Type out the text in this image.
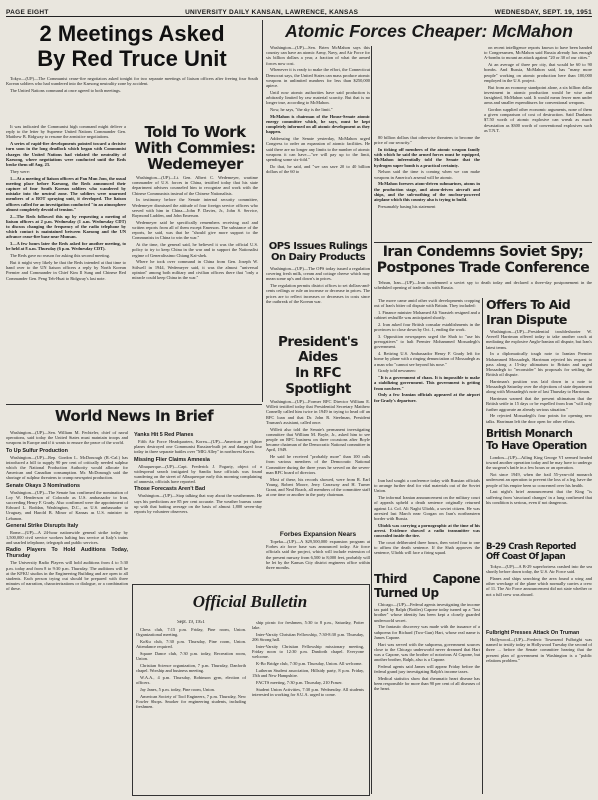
PAGE EIGHT	UNIVERSITY DAILY KANSAN, LAWRENCE, KANSAS	WEDNESDAY, SEPT. 19, 1951
2 Meetings Asked
By Red Truce Unit

Tokyo—(UP)—The Communist cease-fire negotiators asked tonight for two separate meetings of liaison officers after freeing four South Korean soldiers who had wandered into the Kaesong neutrality zone by accident.

The United Nations command at once agreed to both meetings.

It was indicated the Communist high command might deliver a reply to the letter by Supreme United Nations Commander Gen. Matthew B. Ridgway to resume the armistice negotiations.

A series of rapid-fire developments pointed toward a decisive turn soon in the long deadlock which began with Communist charges the United Nations had violated the neutrality of Kaesong, where negotiations were conducted until the Reds broke them off Aug. 23.

They were:

1—At a meeting of liaison officers at Pan Mun Jom, the usual meeting place before Kaesong, the Reds announced their capture of four South Korean soldiers who wandered by mistake into the neutral zone. The soldiers were unarmed members of a ROT spraying unit, it developed. The liaison officers called for an investigation conducted "in an atmosphere almost completely devoid of tension."

2—The Reds followed this up by requesting a meeting of liaison officers at 2 p.m. Wednesday (1 a.m. Wednesday CDT) to discuss changing the frequency of the radio telephone by which contact is maintained between Kaesong and the UN advance cease-fire base near Munsan.

3—A few hours later the Reds asked for another meeting, to be held at 8 a.m. Thursday (6 p.m. Wednesday CDT).

The Reds gave no reason for asking this second meeting.

But it might very likely be that the Reds intended at that time to hand over to the UN liaison officers a reply by North Korean Premier and Commander in Chief Kim Il Sung and Chinese Red Commander Gen. Peng Teh-Huai to Ridgway's last note.

Told To Work
With Commies:
Wedemeyer

Washington—(UP)—Lt. Gen. Albert C. Wedemeyer, wartime commander of U.S. forces in China, testified today that his state department advisers counseled him to recognize and work with the Chinese Communists instead of the Chinese Nationalists.

In testimony before the Senate internal security committee, Wedemeyer dismissed the attitude of four foreign service officers who served with him in China—John P. Davies, Jr., John S. Service, Raymond Ludden, and John Emerson.

Wedemeyer said he specifically remembers receiving oral and written reports from all of them except Emerson. The substance of the reports, he said, was that he "should give more support to the Communists in China to win the war."

At the time, the general said, he believed it was the official U.S. policy to try to keep China in the war and to support the Nationalist regime of Generalissimo Chiang Kai-shek.

Where he took over command in China from Gen. Joseph W. Stilwell in 1944, Wedemeyer said, it was the almost "universal opinion" among both military and civilian officers there that "only a miracle could keep China in the war."

Atomic Forces Cheaper: McMahon

Washington—(UP)—Sen. Brien McMahon says this country can have an atomic Army, Navy, and Air Force for six billion dollars a year, a fraction of what the armed forces now cost.

Whenever it is ready to make the effort, the Connecticut Democrat says, the United States can mass produce atomic weapons in unlimited numbers for less than $250,000 apiece.

Until now atomic authorities have said production is arbitrarily limited by raw material scarcity. But that is no longer true, according to McMahon.

Now, he says, "the sky is the limit."

McMahon is chairman of the House-Senate atomic energy committee which, he says, must be kept completely informed on all atomic development as they happen.

Addressing the Senate yesterday, McMahon urged Congress to order an expansion of atomic facilities. He said there are no longer any limits to the number of atomic weapons it can have—"we will pay up to the limit, spending some six-fold."

Do that, he said, and "we can save 20 to 40 billion dollars of the 60 to

80 billion dollars that otherwise threatens to become the price of our security."

In ticking off members of the atomic weapon family with which he said the armed forces must be equipped, McMahon inferentially told the Senate that the hydrogen super bomb is a practical certainty.

Nelson said the time is coming when we can make weapons in America's arsenal will be atomic.

McMahon foresees atom-driven submarines, atoms in the production stage, and atom-driven aircraft and ships, and the sub-nothing of the nuclear-powered airplane which this country also is trying to build.

Presumably basing his statement

on recent intelligence reports known to have been handed to Congressmen, McMahon said Russia already has enough A-bombs to mount an attack against "20 or 30 of our cities."

At an average of three per city, that would be 60 to 90 bombs. And Russia, McMahon said, has "many more people" working on atomic production here than 100,000 employed in the U.S. project.

But from an economy standpoint alone, a six billion dollar investment in atomic production would be wise and farsighted, McMahon said. It would mean fewer men under arms and smaller expenditures for conventional weapons.

Gordon supplied other economic arguments, none of them a given comparison of cost of destruction. Said Dunham: $7.50 worth of atomic explosive can wreak as much devastation as $300 worth of conventional explosives such as T.N.T.

OPS Issues Rulings
On Dairy Products

Washington—(UP)—The OPS today issued a regulation covering fresh milk, cream and cottage cheese which may mean some up's and down's in prices.

The regulation permits district offices to set dollars-and-cents ceilings or rule an increase or decrease in prices. The prices are to reflect increases or decreases in costs since the outbreak of the Korean war.

President's Aides
In RFC Spotlight

Washington—(UP)—Former RFC Director William E. Willett testified today that Presidential Secretary Matthew Connelly called him twice in 1949 in trying to head off an RFC loan and that Dr. John R. Steelman, President Truman's assistant, called once.

Willett also told the Senate's permanent investigating committee that William M. Boyle, Jr., asked him to see people on RFC business on three occasions after Boyle became chairman of the Democratic National committee in April, 1949.

He said he received "probably more" than 100 calls from various members of the Democratic National Committee during the three years he served on the seven-man RFC board of directors.

Most of these, his records showed, were from R. Earl Young, Robert Moore, Jerry Carraway and H. Turner Grant, and Neal Roach, all members of the committee staff at one time or another in the party chairman.

Forbes Expansion Nears

Topeka—(UP)—A $29,500,000 expansion program at Forbes air force base was announced today. Air force officials said the project, which will include extension of the present runway from 6,500 to 8,000 feet, probably will be let by the Kansas City district engineers office within three months.

Iran Condemns Soviet Spy;
Postpones Trade Conference

Tehran, Iran—(UP)—Iran condemned a soviet spy to death today and declared a three-day postponement in the scheduled opening of trade talks with Russia.

The move came amid other swift developments cropping out of Iran's bitter oil dispute with Britain. They included:

1. Finance minister Mohamed Ali Varasteh resigned and a cabinet reshuffle was anticipated shortly.

2. Iran asked four British consular establishments in the provinces to close down by Oct. 1, ending the work.

3. Opposition newspapers urged the Shah to "use his prerogatives" to halt Premier Mohammed Mossadegh's government.

4. Retiring U.S. Ambassador Henry F. Grady left for home by plane with a ringing denunciation of Mossadegh as a man who "cannot see beyond his nose."

Grady told newsmen:

"It is a government of chaos. It is impossible to make a stabilizing government. This government is getting from nowhere."

Only a few Iranian officials appeared at the airport for Grady's departure.

Iran had sought a conference today with Russian officials to arrange further deal for vital materials out of the Soviet Union.

The informal Iranian announcement on the military court of appeals upheld a death sentence originally returned against Lt. Col. Ali Naghi Ultobk, a soviet citizen. He was arrested last March near Gorgan on Iran's northeastern border with Russia.

Ultobk was carrying a pornographic at the time of his arrest. Evidence showed a radio transmitter was concealed inside the tire.

The court deliberated three hours, then voted four to one to affirm the death sentence. If the Shah approves the sentence, Ultobk will face a firing squad.

Offers To Aid
Iran Dispute

Washington—(UP)—Presidential troubleshooter W. Averell Harriman offered today to take another crack at mediating the explosive Anglo-Iranian oil dispute, but Iran's latest terms.

In a diplomatically tough note to Iranian Premier Mohammed Mossadegh, Harriman rejected his request to pass along a 15-day ultimatum to Britain and urged Mossadegh to "reconsider" his proposals for settling the British oil dispute.

Harriman's position was laid down in a note to Mossadegh Saturday over the objections of state department along with Mossadegh's note of last Thursday to Harriman.

Harriman warned that the present ultimatum that the British settle in 15 days or be expelled from Iran "will only further aggravate an already serious situation."

He rejected Mossadegh's four points for opening new talks. Harriman left the door open for other efforts.

British Monarch
To Have Operation

London—(UP)—Ailing King George VI seemed headed toward another operation today and he may have to undergo the surgeon's knife in a few hours or an operation.

Not since 1949, when the frail 55-year-old monarch underwent an operation to prevent the loss of a leg, have the people of his empire been so concerned over his health.

Last night's brief announcement that the King "is suffering from 'structural changes' in a lung confirmed that his condition is serious, even if not dangerous.

B-29 Crash Reported
Off Coast Of Japan

Tokyo—(UP)—A B-29 superfortress crashed into the sea shortly before dawn today, the U.S. Air Force said.

Planes and ships searching the area found a wing and other wreckage of the plane which normally carries a crew of 11. The Air Force announcement did not state whether or not a full crew was aboard.

Fulbright Presses Attack On Truman

Hollywood—(UP)—Frederic Townsend Fulbright was named to testify today in Hollywood Tuesday the second of three ... before the Senate committee hearing that the present plan of government in Washington is a "public relations problem."

Third Capone Turned Up

Chicago—(UP)—Federal agents investigating the income tax paid by Ralph (Bottles) Capone today turned up a "lost brother" whose identity has been kept a closely guarded underworld secret.

The fantastic discovery was made with the issuance of a subpoena for Richard (Two-Gun) Hart, whose real name is James Capone.

Hart was served with the subpoena, government sources close to the Chicago underworld never dreamed that Hart was a Capone, was the brother of notorious Al Capone, but another brother, Ralph, also is a Capone.

Federal agents said James will appear Friday before the federal grand jury investigating Ralph's income taxes.

Medical statistics show that rheumatic heart disease has been responsible for more than 90 per cent of all diseases of the heart.

World News In Brief

Washington—(UP)—Sen. William M. Fechteler, chief of naval operations, said today the United States must maintain troops and weapons in Europe and if it wants to ensure the peace of the world.

To Up Sulfur Production

Washington—(UP)—Rep. Gordon L. McDonough (R.-Cal.) has introduced a bill to supply 90 per cent of critically needed sulphur which the National Production Authority would allocate for American and Canadian consumption. Mr. McDonough said the shortage of sulphur threatens to cramp newsprint production.

Senate Okays 3 Nominations

Washington—(UP)—The Senate has confirmed the nomination of Loy W. Henderson of Colorado as U.S. ambassador to Iran, succeeding Henry F. Grady. Also confirmed were the appointment of Edward L. Roddan, Washington, D.C., as U.S. ambassador to Uruguay, and Harold B. Minor of Kansas as U.S. minister to Lebanon.

General Strike Disrupts Italy

Rome—(UP)—A 24-hour nationwide general strike today by 1,500,000 civil service workers halting bus service at Italy's trains and snarled telephone, telegraph and public services.

Radio Players To Hold Auditions Today, Thursday

The University Radio Players will hold auditions from 4 to 5:30 p.m. today and from 8 to 9:30 p.m. Thursday. The auditions will be at the KFKU studios in the Engineering Building and are open to all students. Each person trying out should be prepared with three minutes of narration, characterizations or dialogue, or a combination of these.

Yanks Hit 5 Red Planes

Fifth Air Force Headquarters, Korea—(UP)—American jet fighter planes destroyed one Communist Russian-built jet and damaged four today in three separate battles over "MIG Alley" in northwest Korea.

Missing Flier Claims Amnesia

Albuquerque—(UP)—Capt. Frederick J. Fogarty, object of a widespread search instigated by Sandia base officials was found wandering on the street of Albuquerque early this morning complaining of amnesia, officials have reported.

Those Forecasts Aren't Bad

Washington—(UP)—Stop talking that way about the weathermen. He says his predictions are 85 per cent accurate. The weather bureau came up with that batting average on the basis of almost 1,800 seven-day reports by volunteer observers.

Official Bulletin
Sept. 19, 1951

Chess club, 7:15 p.m. Friday, Pine room, Union. Organizational meeting.

KoKu club, 7:30 p.m. Thursday, Pine room, Union. Attendance required.

Square Dance club, 7:30 p.m. today, Recreation room, Union.

Christian Science organization, 7 p.m. Thursday, Danforth chapel. Worship and business meeting.

W.A.A., 4 p.m. Thursday, Robinson gym, election of officers.

Jay Janes, 5 p.m. today, Pine room, Union.

American Society of Tool Engineers, 7 p.m. Thursday, New Fowler Shops. Smoker for engineering students, including freshmen.

ship picnic for freshmen, 5:30 to 8 p.m., Saturday, Potter lake.

Inter-Varsity Christian Fellowship, 7:30-8:30 p.m. Thursday, 206 Strong hall.

Inter-Varsity Christian Fellowship missionary meeting, Friday noon to 12:30 p.m. Danforth chapel. Everyone welcome.

K-Bo Bridge club, 7:30 p.m. Thursday, Union. All welcome.

Lutheran Student association, Hillsidy party, 8 p.m. Friday, 15th and New Hampshire.

FACTS meeting, 7:30 p.m. Thursday, 210 Fraser.

Student Union Activities, 7:30 p.m. Wednesday. All students interested in working for S.U.A. urged to come.
